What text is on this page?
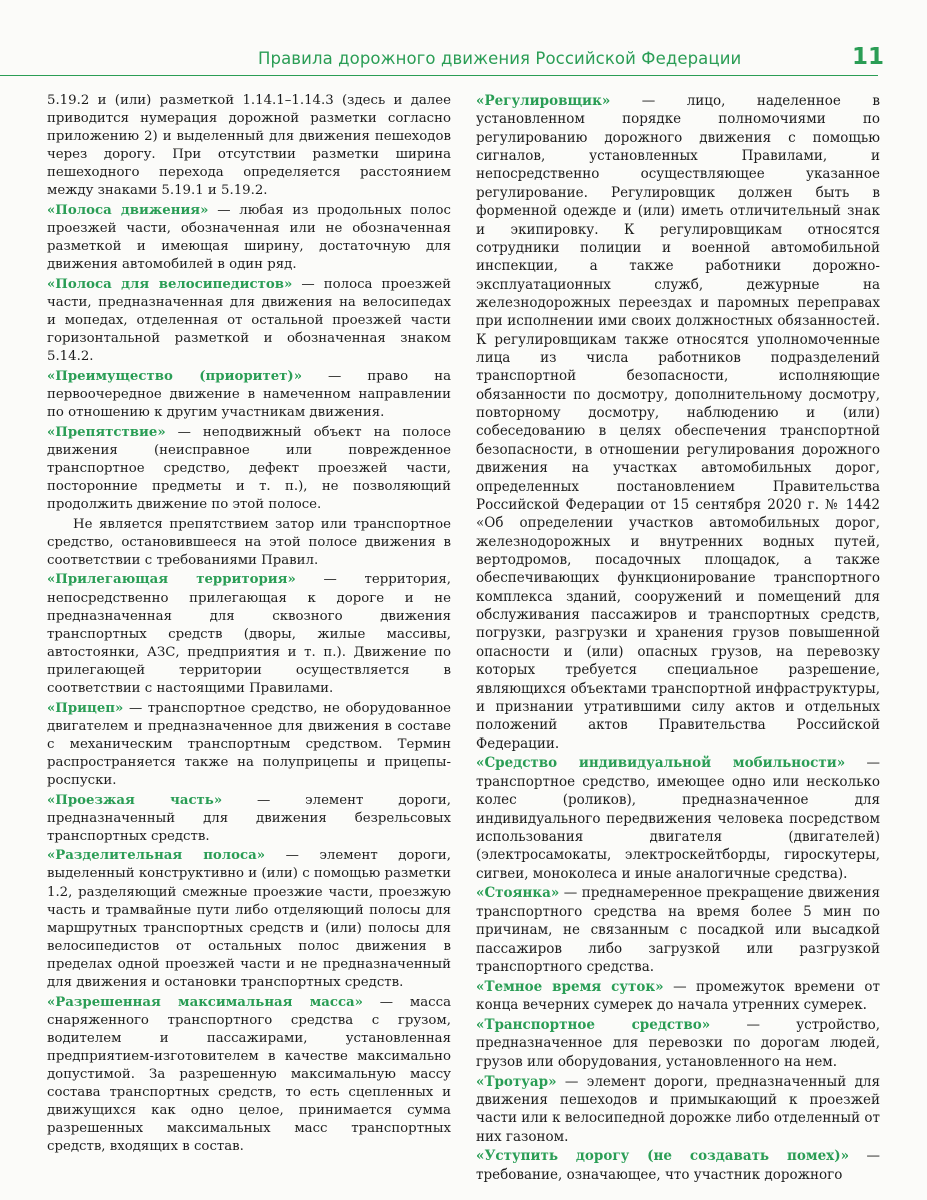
Правила дорожного движения Российской Федерации	11

5.19.2 и (или) разметкой 1.14.1–1.14.3 (здесь и далее приводится нумерация дорожной разметки согласно приложению 2) и выделенный для движения пешеходов через дорогу. При отсутствии разметки ширина пешеходного перехода определяется расстоянием между знаками 5.19.1 и 5.19.2.

«Полоса движения» — любая из продольных полос проезжей части, обозначенная или не обозначенная разметкой и имеющая ширину, достаточную для движения автомобилей в один ряд.

«Полоса для велосипедистов» — полоса проезжей части, предназначенная для движения на велосипедах и мопедах, отделенная от остальной проезжей части горизонтальной разметкой и обозначенная знаком 5.14.2.

«Преимущество (приоритет)» — право на первоочередное движение в намеченном направлении по отношению к другим участникам движения.

«Препятствие» — неподвижный объект на полосе движения (неисправное или поврежденное транспортное средство, дефект проезжей части, посторонние предметы и т. п.), не позволяющий продолжить движение по этой полосе.

Не является препятствием затор или транспортное средство, остановившееся на этой полосе движения в соответствии с требованиями Правил.

«Прилегающая территория» — территория, непосредственно прилегающая к дороге и не предназначенная для сквозного движения транспортных средств (дворы, жилые массивы, автостоянки, АЗС, предприятия и т. п.). Движение по прилегающей территории осуществляется в соответствии с настоящими Правилами.

«Прицеп» — транспортное средство, не оборудованное двигателем и предназначенное для движения в составе с механическим транспортным средством. Термин распространяется также на полуприцепы и прицепы-роспуски.

«Проезжая часть» — элемент дороги, предназначенный для движения безрельсовых транспортных средств.

«Разделительная полоса» — элемент дороги, выделенный конструктивно и (или) с помощью разметки 1.2, разделяющий смежные проезжие части, проезжую часть и трамвайные пути либо отделяющий полосы для маршрутных транспортных средств и (или) полосы для велосипедистов от остальных полос движения в пределах одной проезжей части и не предназначенный для движения и остановки транспортных средств.

«Разрешенная максимальная масса» — масса снаряженного транспортного средства с грузом, водителем и пассажирами, установленная предприятием-изготовителем в качестве максимально допустимой. За разрешенную максимальную массу состава транспортных средств, то есть сцепленных и движущихся как одно целое, принимается сумма разрешенных максимальных масс транспортных средств, входящих в состав.

«Регулировщик» — лицо, наделенное в установленном порядке полномочиями по регулированию дорожного движения с помощью сигналов, установленных Правилами, и непосредственно осуществляющее указанное регулирование. Регулировщик должен быть в форменной одежде и (или) иметь отличительный знак и экипировку. К регулировщикам относятся сотрудники полиции и военной автомобильной инспекции, а также работники дорожно-эксплуатационных служб, дежурные на железнодорожных переездах и паромных переправах при исполнении ими своих должностных обязанностей. К регулировщикам также относятся уполномоченные лица из числа работников подразделений транспортной безопасности, исполняющие обязанности по досмотру, дополнительному досмотру, повторному досмотру, наблюдению и (или) собеседованию в целях обеспечения транспортной безопасности, в отношении регулирования дорожного движения на участках автомобильных дорог, определенных постановлением Правительства Российской Федерации от 15 сентября 2020 г. № 1442 «Об определении участков автомобильных дорог, железнодорожных и внутренних водных путей, вертодромов, посадочных площадок, а также обеспечивающих функционирование транспортного комплекса зданий, сооружений и помещений для обслуживания пассажиров и транспортных средств, погрузки, разгрузки и хранения грузов повышенной опасности и (или) опасных грузов, на перевозку которых требуется специальное разрешение, являющихся объектами транспортной инфраструктуры, и признании утратившими силу актов и отдельных положений актов Правительства Российской Федерации.

«Средство индивидуальной мобильности» — транспортное средство, имеющее одно или несколько колес (роликов), предназначенное для индивидуального передвижения человека посредством использования двигателя (двигателей) (электросамокаты, электроскейтборды, гироскутеры, сигвеи, моноколеса и иные аналогичные средства).

«Стоянка» — преднамеренное прекращение движения транспортного средства на время более 5 мин по причинам, не связанным с посадкой или высадкой пассажиров либо загрузкой или разгрузкой транспортного средства.

«Темное время суток» — промежуток времени от конца вечерних сумерек до начала утренних сумерек.

«Транспортное средство» — устройство, предназначенное для перевозки по дорогам людей, грузов или оборудования, установленного на нем.

«Тротуар» — элемент дороги, предназначенный для движения пешеходов и примыкающий к проезжей части или к велосипедной дорожке либо отделенный от них газоном.

«Уступить дорогу (не создавать помех)» — требование, означающее, что участник дорожного
